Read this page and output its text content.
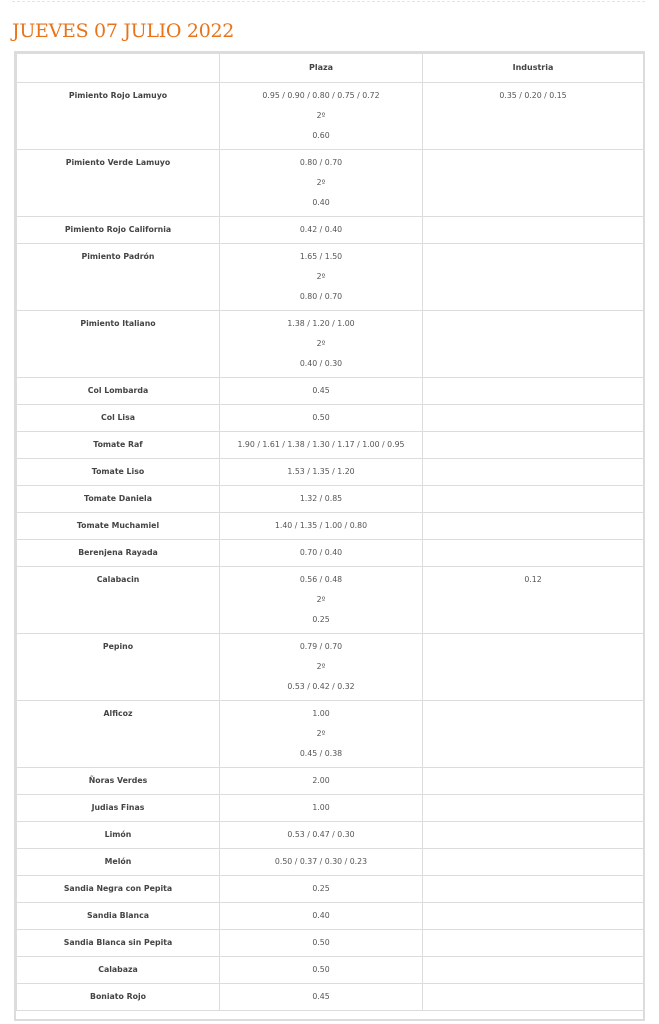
JUEVES 07 JULIO 2022
	Plaza	Industria

Pimiento Rojo Lamuyo	0.95 / 0.90 / 0.80 / 0.75 / 0.72
2º
0.60	0.35 / 0.20 / 0.15

Pimiento Verde Lamuyo	0.80 / 0.70
2º
0.40	

Pimiento Rojo California	0.42 / 0.40	

Pimiento Padrón	1.65 / 1.50
2º
0.80 / 0.70	

Pimiento Italiano	1.38 / 1.20 / 1.00
2º
0.40 / 0.30	

Col Lombarda	0.45	

Col Lisa	0.50	

Tomate Raf	1.90 / 1.61 / 1.38 / 1.30 / 1.17 / 1.00 / 0.95	

Tomate Liso	1.53 / 1.35 / 1.20	

Tomate Daniela	1.32 / 0.85	

Tomate Muchamiel	1.40 / 1.35 / 1.00 / 0.80	

Berenjena Rayada	0.70 / 0.40	

Calabacin	0.56 / 0.48
2º
0.25	0.12

Pepino	0.79 / 0.70
2º
0.53 / 0.42 / 0.32	

Alficoz	1.00
2º
0.45 / 0.38	

Ñoras Verdes	2.00	

Judias Finas	1.00	

Limón	0.53 / 0.47 / 0.30	

Melón	0.50 / 0.37 / 0.30 / 0.23	

Sandia Negra con Pepita	0.25	

Sandia Blanca	0.40	

Sandia Blanca sin Pepita	0.50	

Calabaza	0.50	

Boniato Rojo	0.45	
